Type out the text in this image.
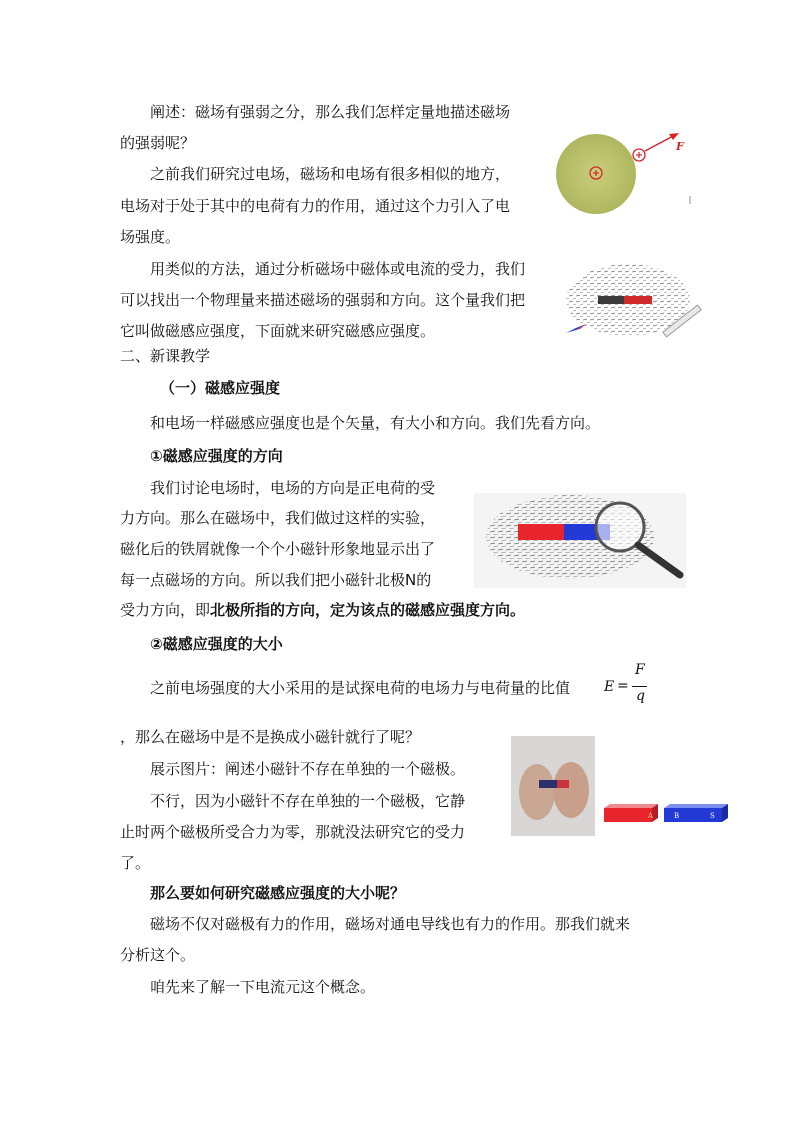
阐述：磁场有强弱之分，那么我们怎样定量地描述磁场
的强弱呢？
之前我们研究过电场，磁场和电场有很多相似的地方，
电场对于处于其中的电荷有力的作用，通过这个力引入了电
场强度。
用类似的方法，通过分析磁场中磁体或电流的受力，我们
可以找出一个物理量来描述磁场的强弱和方向。这个量我们把
它叫做磁感应强度，下面就来研究磁感应强度。
二、新课教学
（一）磁感应强度
和电场一样磁感应强度也是个矢量，有大小和方向。我们先看方向。
①磁感应强度的方向
我们讨论电场时，电场的方向是正电荷的受
力方向。那么在磁场中，我们做过这样的实验，
磁化后的铁屑就像一个个小磁针形象地显示出了
每一点磁场的方向。所以我们把小磁针北极N的
受力方向，即北极所指的方向，定为该点的磁感应强度方向。
②磁感应强度的大小
之前电场强度的大小采用的是试探电荷的电场力与电荷量的比值 E =
F
q
，那么在磁场中是不是换成小磁针就行了呢？
展示图片：阐述小磁针不存在单独的一个磁极。
不行，因为小磁针不存在单独的一个磁极，它静
止时两个磁极所受合力为零，那就没法研究它的受力
了。
那么要如何研究磁感应强度的大小呢？
磁场不仅对磁极有力的作用，磁场对通电导线也有力的作用。那我们就来
分析这个。
咱先来了解一下电流元这个概念。
F
A	B	S
